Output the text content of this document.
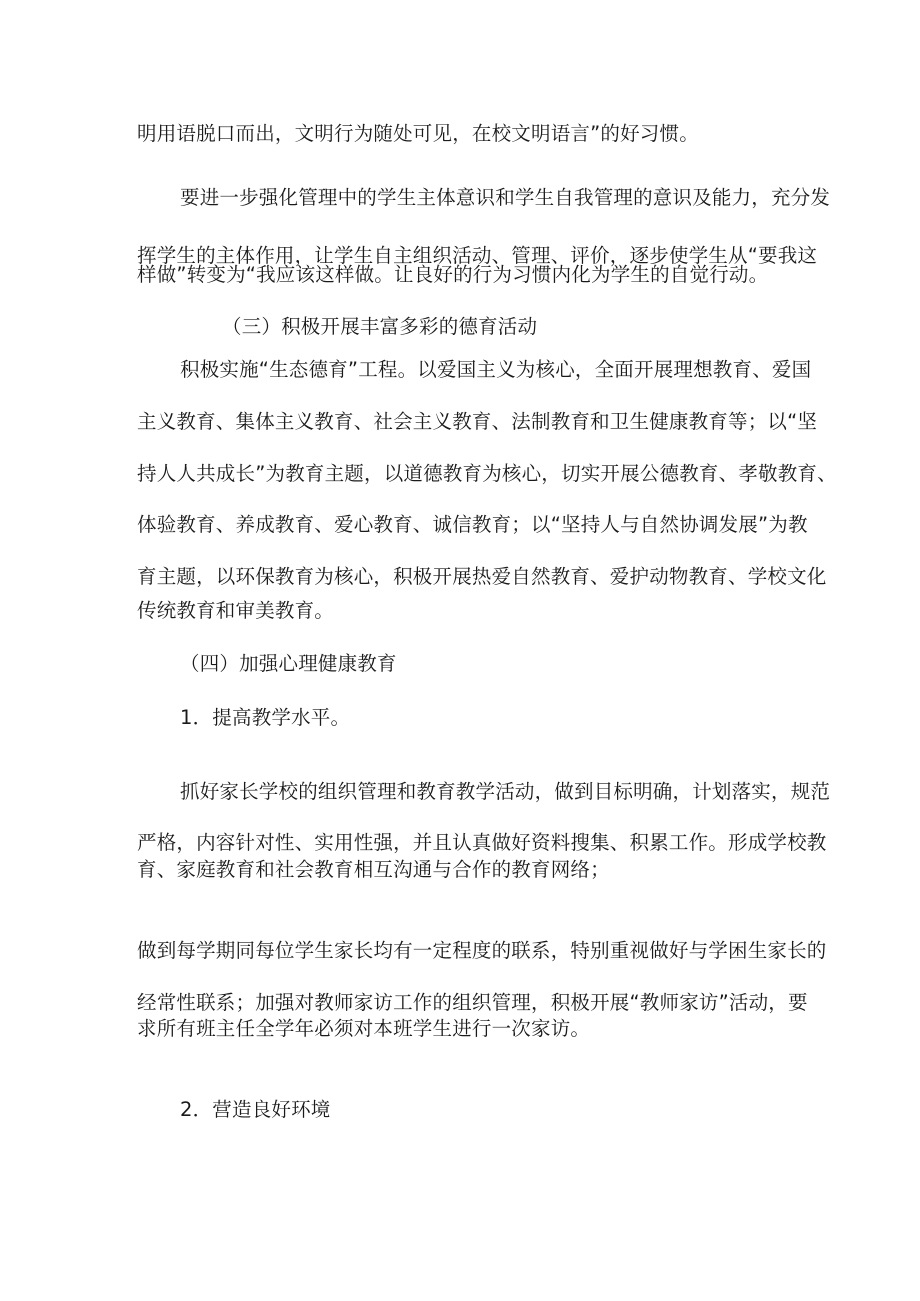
明用语脱口而出，文明行为随处可见，在校文明语言”的好习惯。
要进一步强化管理中的学生主体意识和学生自我管理的意识及能力，充分发
挥学生的主体作用，让学生自主组织活动、管理、评价，逐步使学生从“要我这
样做”转变为“我应该这样做。让良好的行为习惯内化为学生的自觉行动。
（三）积极开展丰富多彩的德育活动
积极实施“生态德育”工程。以爱国主义为核心，全面开展理想教育、爱国
主义教育、集体主义教育、社会主义教育、法制教育和卫生健康教育等；以“坚
持人人共成长”为教育主题，以道德教育为核心，切实开展公德教育、孝敬教育、
体验教育、养成教育、爱心教育、诚信教育；以“坚持人与自然协调发展”为教
育主题，以环保教育为核心，积极开展热爱自然教育、爱护动物教育、学校文化
传统教育和审美教育。
（四）加强心理健康教育
1．提高教学水平。
抓好家长学校的组织管理和教育教学活动，做到目标明确，计划落实，规范
严格，内容针对性、实用性强，并且认真做好资料搜集、积累工作。形成学校教
育、家庭教育和社会教育相互沟通与合作的教育网络；
做到每学期同每位学生家长均有一定程度的联系，特别重视做好与学困生家长的
经常性联系；加强对教师家访工作的组织管理，积极开展“教师家访”活动，要
求所有班主任全学年必须对本班学生进行一次家访。
2．营造良好环境
